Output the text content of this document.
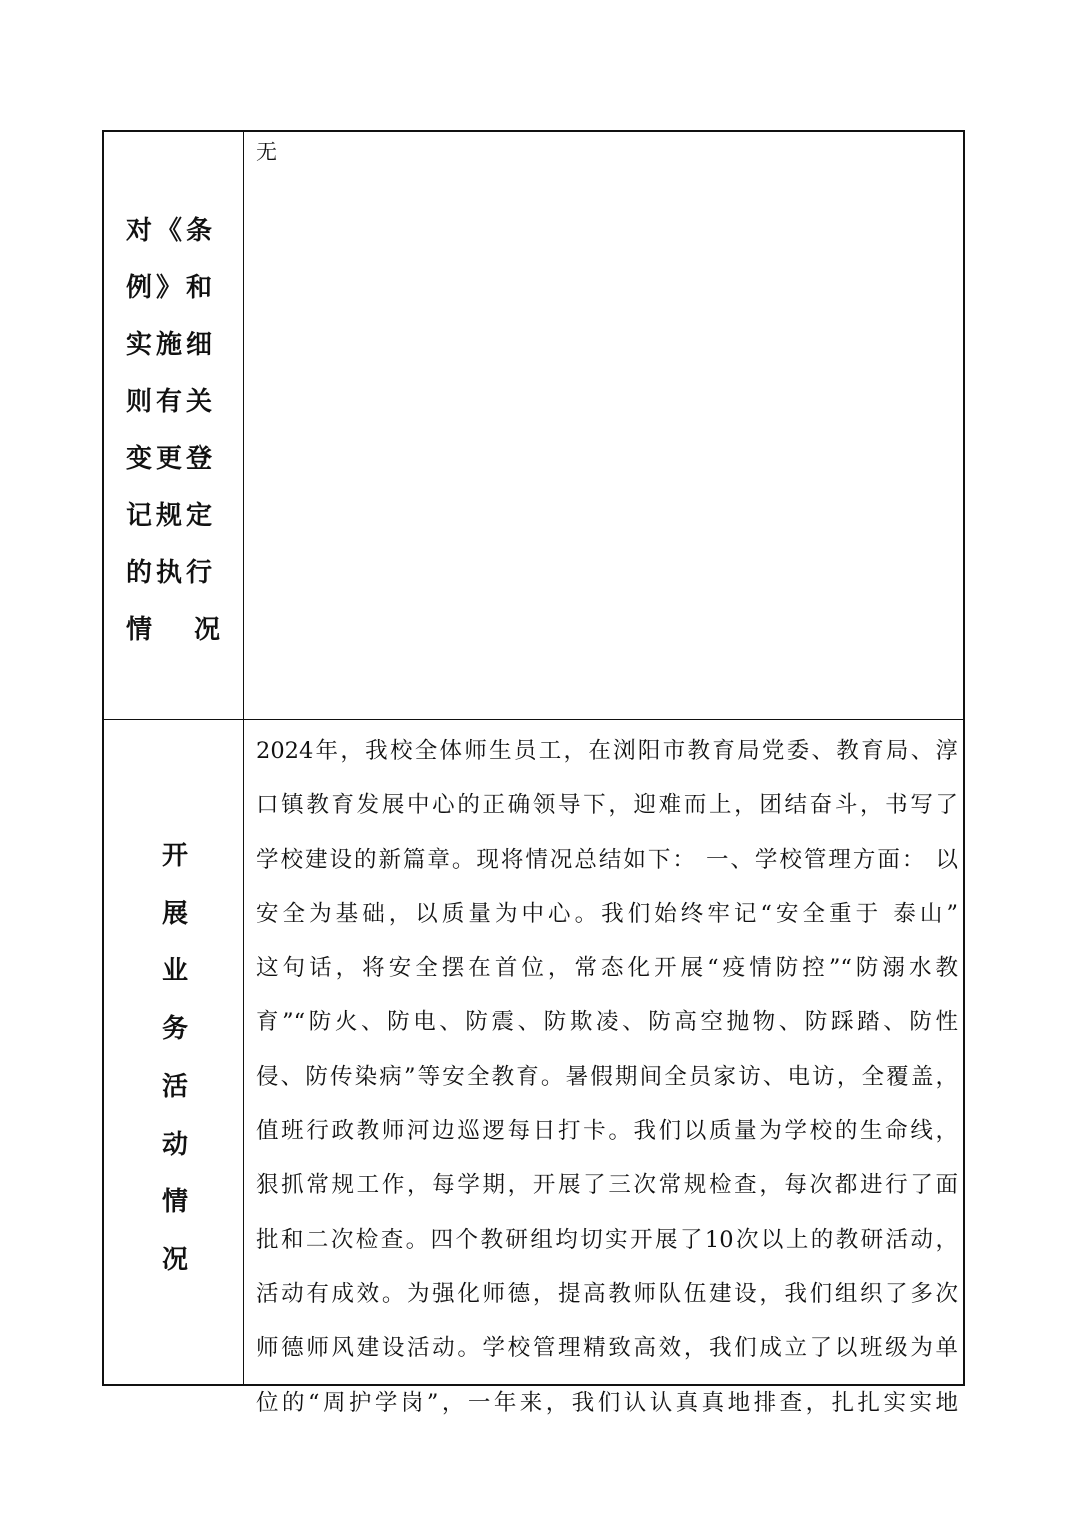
对《条
例》和
实施细
则有关
变更登
记规定
的执行
情况
无
开
展
业
务
活
动
情
况
2024年，我校全体师生员工，在浏阳市教育局党委、教育局、淳
口镇教育发展中心的正确领导下，迎难而上，团结奋斗，书写了
学校建设的新篇章。现将情况总结如下： 一、学校管理方面： 以
安全为基础，以质量为中心。我们始终牢记“安全重于 泰山”
这句话，将安全摆在首位，常态化开展“疫情防控”“防溺水教
育”“防火、防电、防震、防欺凌、防高空抛物、防踩踏、防性
侵、防传染病”等安全教育。暑假期间全员家访、电访，全覆盖，
值班行政教师河边巡逻每日打卡。我们以质量为学校的生命线，
狠抓常规工作，每学期，开展了三次常规检查，每次都进行了面
批和二次检查。四个教研组均切实开展了10次以上的教研活动，
活动有成效。为强化师德，提高教师队伍建设，我们组织了多次
师德师风建设活动。学校管理精致高效，我们成立了以班级为单
位的“周护学岗”，一年来，我们认认真真地排查，扎扎实实地
